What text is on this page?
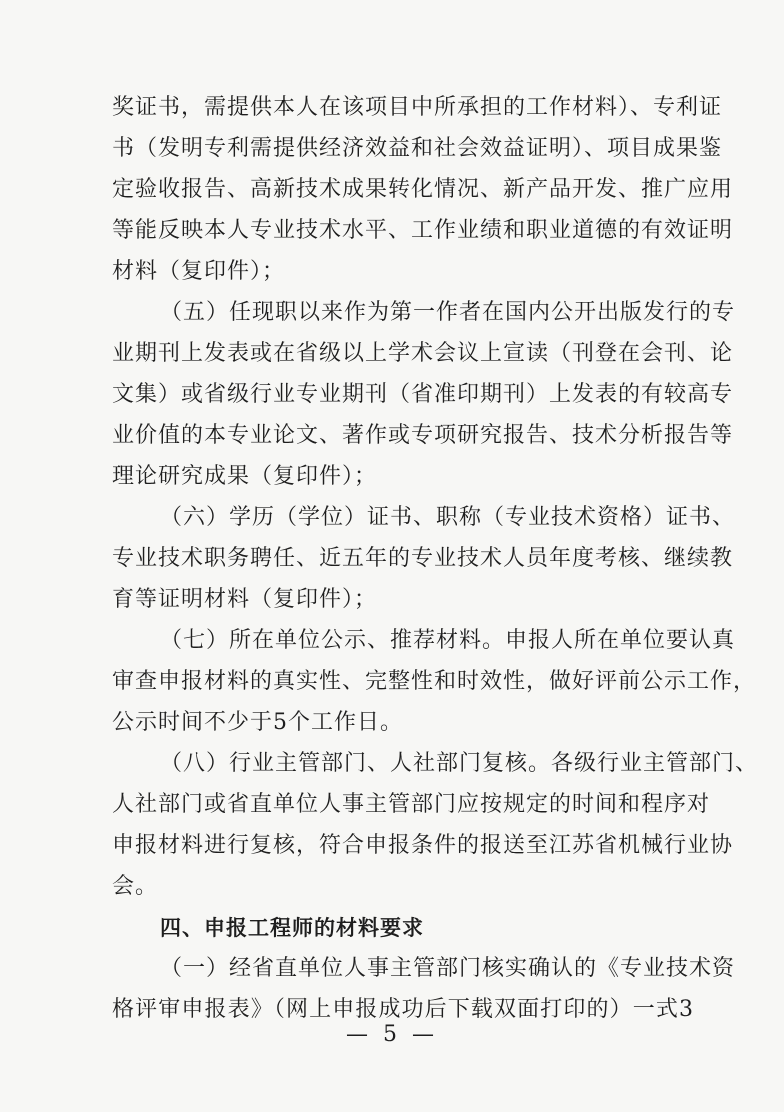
奖证书，需提供本人在该项目中所承担的工作材料）、专利证
书（发明专利需提供经济效益和社会效益证明）、项目成果鉴
定验收报告、高新技术成果转化情况、新产品开发、推广应用
等能反映本人专业技术水平、工作业绩和职业道德的有效证明
材料（复印件）；
（五）任现职以来作为第一作者在国内公开出版发行的专
业期刊上发表或在省级以上学术会议上宣读（刊登在会刊、论
文集）或省级行业专业期刊（省准印期刊）上发表的有较高专
业价值的本专业论文、著作或专项研究报告、技术分析报告等
理论研究成果（复印件）；
（六）学历（学位）证书、职称（专业技术资格）证书、
专业技术职务聘任、近五年的专业技术人员年度考核、继续教
育等证明材料（复印件）；
（七）所在单位公示、推荐材料。申报人所在单位要认真
审查申报材料的真实性、完整性和时效性，做好评前公示工作，
公示时间不少于5个工作日。
（八）行业主管部门、人社部门复核。各级行业主管部门、
人社部门或省直单位人事主管部门应按规定的时间和程序对
申报材料进行复核，符合申报条件的报送至江苏省机械行业协
会。
四、申报工程师的材料要求
（一）经省直单位人事主管部门核实确认的《专业技术资
格评审申报表》（网上申报成功后下载双面打印的）一式3
— 5 —
